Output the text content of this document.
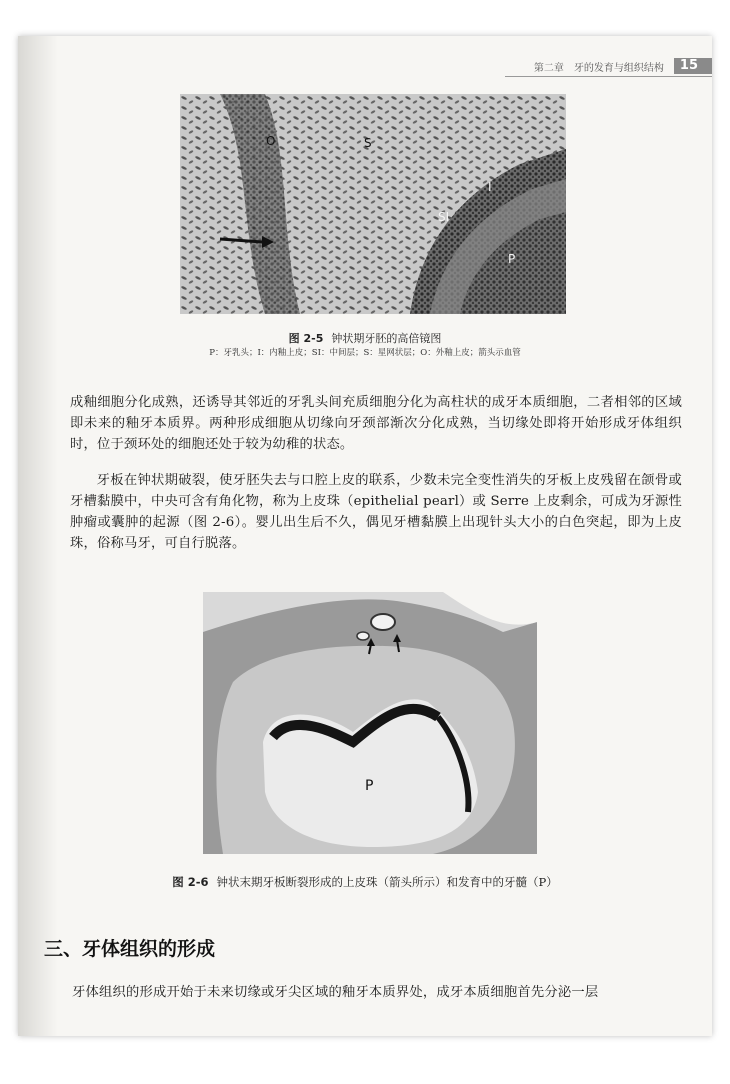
第二章　牙的发育与组织结构	15
O	S
I
SI
P
图 2-5 钟状期牙胚的高倍镜图
P：牙乳头；I：内釉上皮；SI：中间层；S：星网状层；O：外釉上皮；箭头示血管

成釉细胞分化成熟，还诱导其邻近的牙乳头间充质细胞分化为高柱状的成牙本质细胞，二者相邻的区域即未来的釉牙本质界。两种形成细胞从切缘向牙颈部渐次分化成熟，当切缘处即将开始形成牙体组织时，位于颈环处的细胞还处于较为幼稚的状态。

牙板在钟状期破裂，使牙胚失去与口腔上皮的联系，少数未完全变性消失的牙板上皮残留在颌骨或牙槽黏膜中，中央可含有角化物，称为上皮珠（epithelial pearl）或 Serre 上皮剩余，可成为牙源性肿瘤或囊肿的起源（图 2-6）。婴儿出生后不久，偶见牙槽黏膜上出现针头大小的白色突起，即为上皮珠，俗称马牙，可自行脱落。

P
图 2-6 钟状末期牙板断裂形成的上皮珠（箭头所示）和发育中的牙髓（P）
三、牙体组织的形成

牙体组织的形成开始于未来切缘或牙尖区域的釉牙本质界处，成牙本质细胞首先分泌一层
